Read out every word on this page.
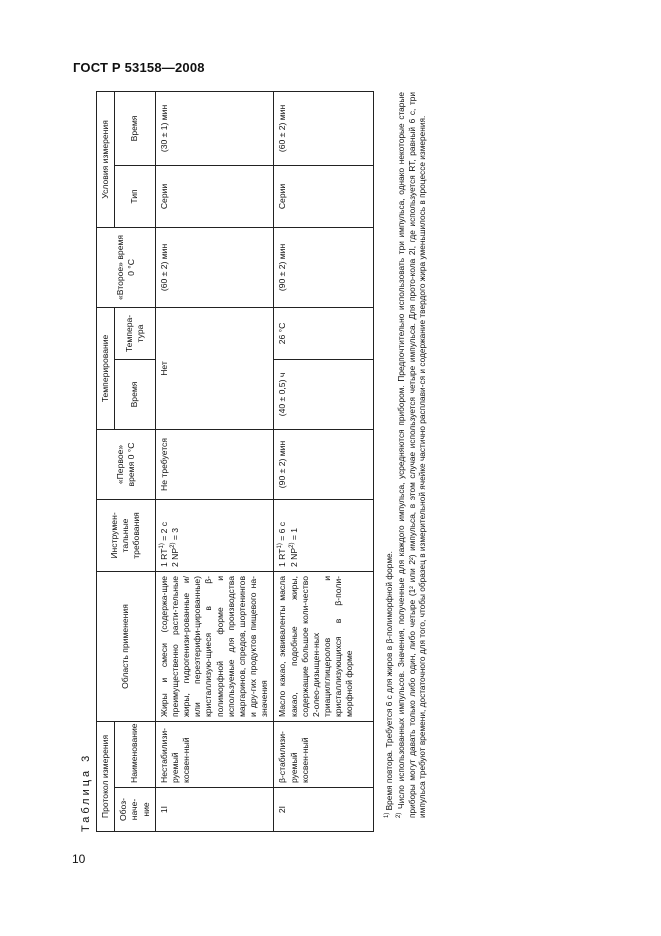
ГОСТ Р 53158—2008
Таблица 3 Протокол измерения		Область применения	Инструмен-тальные требования	«Первое» время 0 °С	Темперирование		«Второе» время 0 °С	Условия измерения	
Обоз-наче-ние	Наименование				Время	Темпера-тура		Тип	Время
1I	Нестабилизи-руемый косвен-ный	Жиры и смеси (содержа-щие преимущественно расти-тельные жиры, гидрогенизи-рованные и/или переэтерифи-цированные) кристаллизую-щиеся в β-полиморфной форме и используемые для производства маргаринов, спредов, шортенингов и дру-гих продуктов пищевого на-значения	1 $RT^{1)} = 2$ с
2 $NP^{2)} = 3$	Не требуется	Нет		(60 ± 2) мин	Серии	(30 ± 1) мин
2I	β-стабилизи-руемый косвен-ный	Масло какао, эквиваленты масла какао, подобные жиры, содержащие большое коли-чество 2-олео-дизыщен-ных триацилглицеролов и кристаллизующихся в β-поли-морфной форме	1 $RT^{1)} = 6$ с
2 $NP^{2)} = 1$	(90 ± 2) мин	(40 ± 0,5) ч	26 °С	(90 ± 2) мин	Серии	(60 ± 2) мин
$^{1)}$ Время повтора. Требуется 6 с для жиров в β-полиморфной форме.
$^{2)}$ Число использованных импульсов. Значения, полученные для каждого импульса, усредняются прибором. Предпочтительно использовать три импульса, однако некоторые старые приборы могут давать только либо один, либо четыре (1² или 2²) импульса, в этом случае используется четыре импульса. Для прото-кола 2I, где используется RT, равный 6 с, три импульса требуют времени, достаточного для того, чтобы образец в измерительной ячейке частично расплави-ся и содержание твердого жира уменьшилось в процессе измерения.
10
